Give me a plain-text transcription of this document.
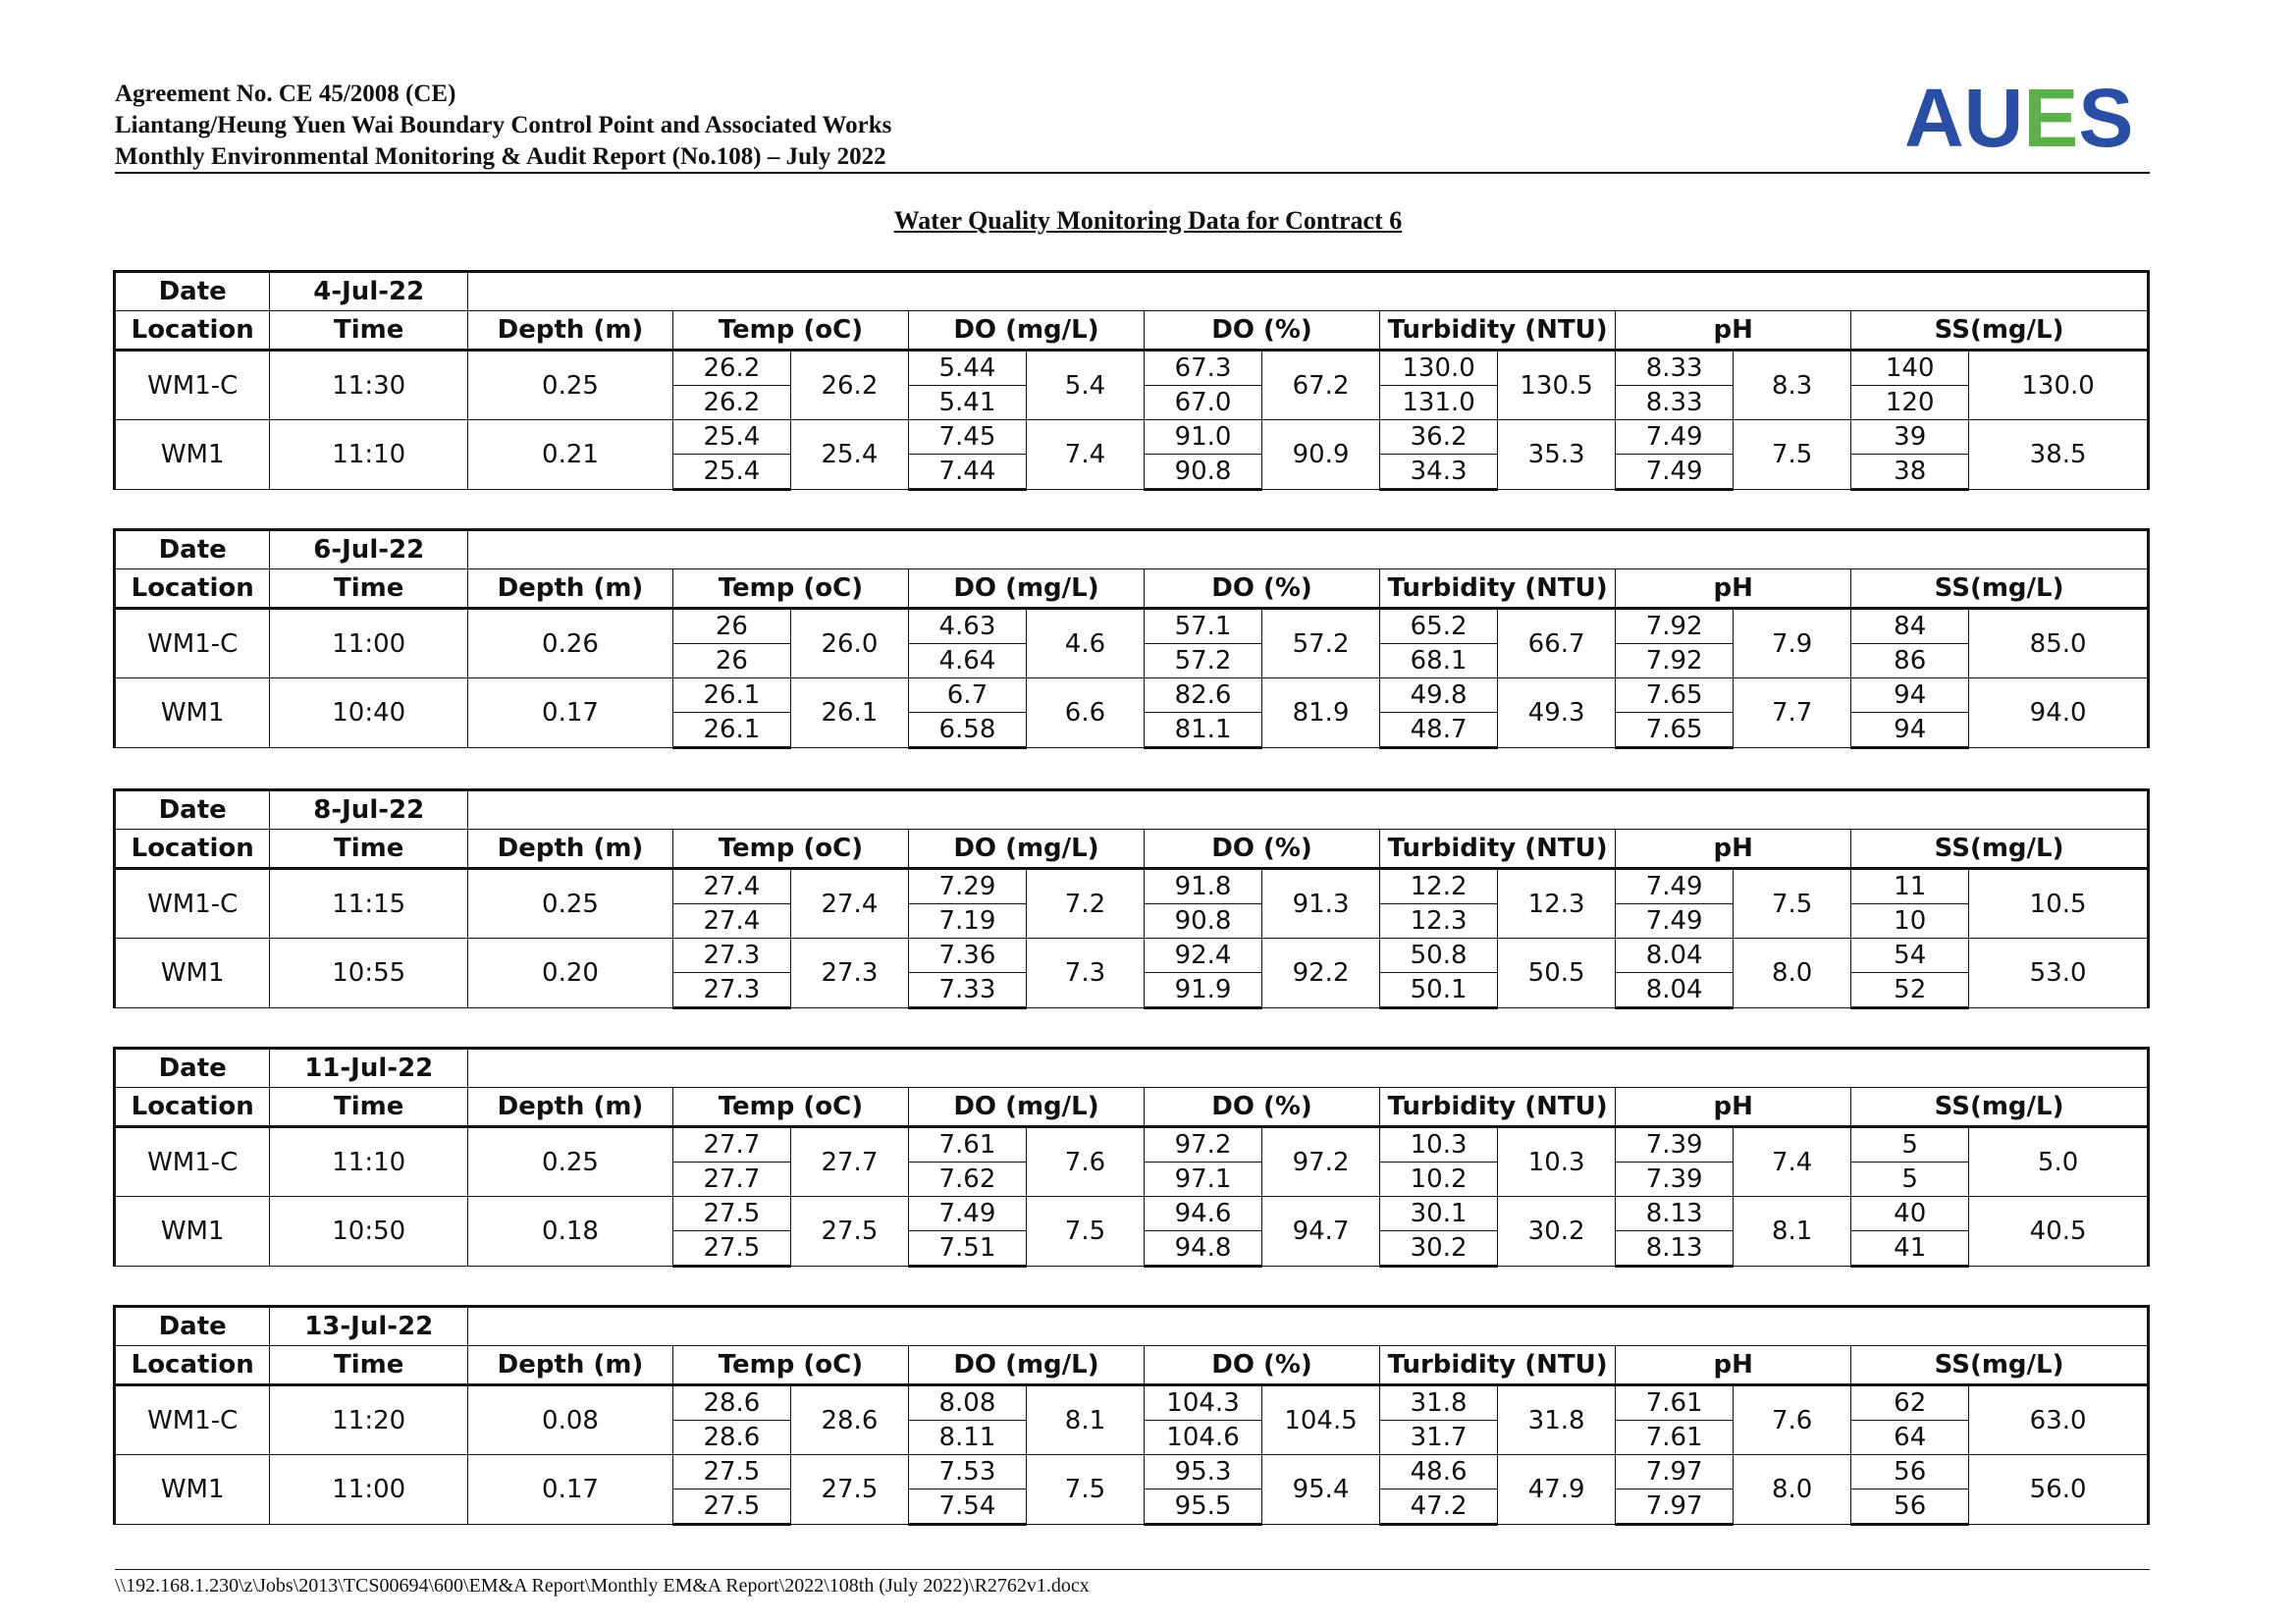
Agreement No. CE 45/2008 (CE)
Liantang/Heung Yuen Wai Boundary Control Point and Associated Works
Monthly Environmental Monitoring & Audit Report (No.108) – July 2022	AUES
Water Quality Monitoring Data for Contract 6
Date	4-Jul-22													
Location	Time	Depth (m)	Temp (oC)		DO (mg/L)		DO (%)		Turbidity (NTU)		pH		SS(mg/L)	
WM1-C	11:30	0.25	26.2	26.2	5.44	5.4	67.3	67.2	130.0	130.5	8.33	8.3	140	130.0
			26.2		5.41		67.0		131.0		8.33		120	
WM1	11:10	0.21	25.4	25.4	7.45	7.4	91.0	90.9	36.2	35.3	7.49	7.5	39	38.5
			25.4		7.44		90.8		34.3		7.49		38	
Date	6-Jul-22													
Location	Time	Depth (m)	Temp (oC)		DO (mg/L)		DO (%)		Turbidity (NTU)		pH		SS(mg/L)	
WM1-C	11:00	0.26	26	26.0	4.63	4.6	57.1	57.2	65.2	66.7	7.92	7.9	84	85.0
			26		4.64		57.2		68.1		7.92		86	
WM1	10:40	0.17	26.1	26.1	6.7	6.6	82.6	81.9	49.8	49.3	7.65	7.7	94	94.0
			26.1		6.58		81.1		48.7		7.65		94	
Date	8-Jul-22													
Location	Time	Depth (m)	Temp (oC)		DO (mg/L)		DO (%)		Turbidity (NTU)		pH		SS(mg/L)	
WM1-C	11:15	0.25	27.4	27.4	7.29	7.2	91.8	91.3	12.2	12.3	7.49	7.5	11	10.5
			27.4		7.19		90.8		12.3		7.49		10	
WM1	10:55	0.20	27.3	27.3	7.36	7.3	92.4	92.2	50.8	50.5	8.04	8.0	54	53.0
			27.3		7.33		91.9		50.1		8.04		52	
Date	11-Jul-22													
Location	Time	Depth (m)	Temp (oC)		DO (mg/L)		DO (%)		Turbidity (NTU)		pH		SS(mg/L)	
WM1-C	11:10	0.25	27.7	27.7	7.61	7.6	97.2	97.2	10.3	10.3	7.39	7.4	5	5.0
			27.7		7.62		97.1		10.2		7.39		5	
WM1	10:50	0.18	27.5	27.5	7.49	7.5	94.6	94.7	30.1	30.2	8.13	8.1	40	40.5
			27.5		7.51		94.8		30.2		8.13		41	
Date	13-Jul-22													
Location	Time	Depth (m)	Temp (oC)		DO (mg/L)		DO (%)		Turbidity (NTU)		pH		SS(mg/L)	
WM1-C	11:20	0.08	28.6	28.6	8.08	8.1	104.3	104.5	31.8	31.8	7.61	7.6	62	63.0
			28.6		8.11		104.6		31.7		7.61		64	
WM1	11:00	0.17	27.5	27.5	7.53	7.5	95.3	95.4	48.6	47.9	7.97	8.0	56	56.0
			27.5		7.54		95.5		47.2		7.97		56	
\\192.168.1.230\z\Jobs\2013\TCS00694\600\EM&A Report\Monthly EM&A Report\2022\108th (July 2022)\R2762v1.docx
